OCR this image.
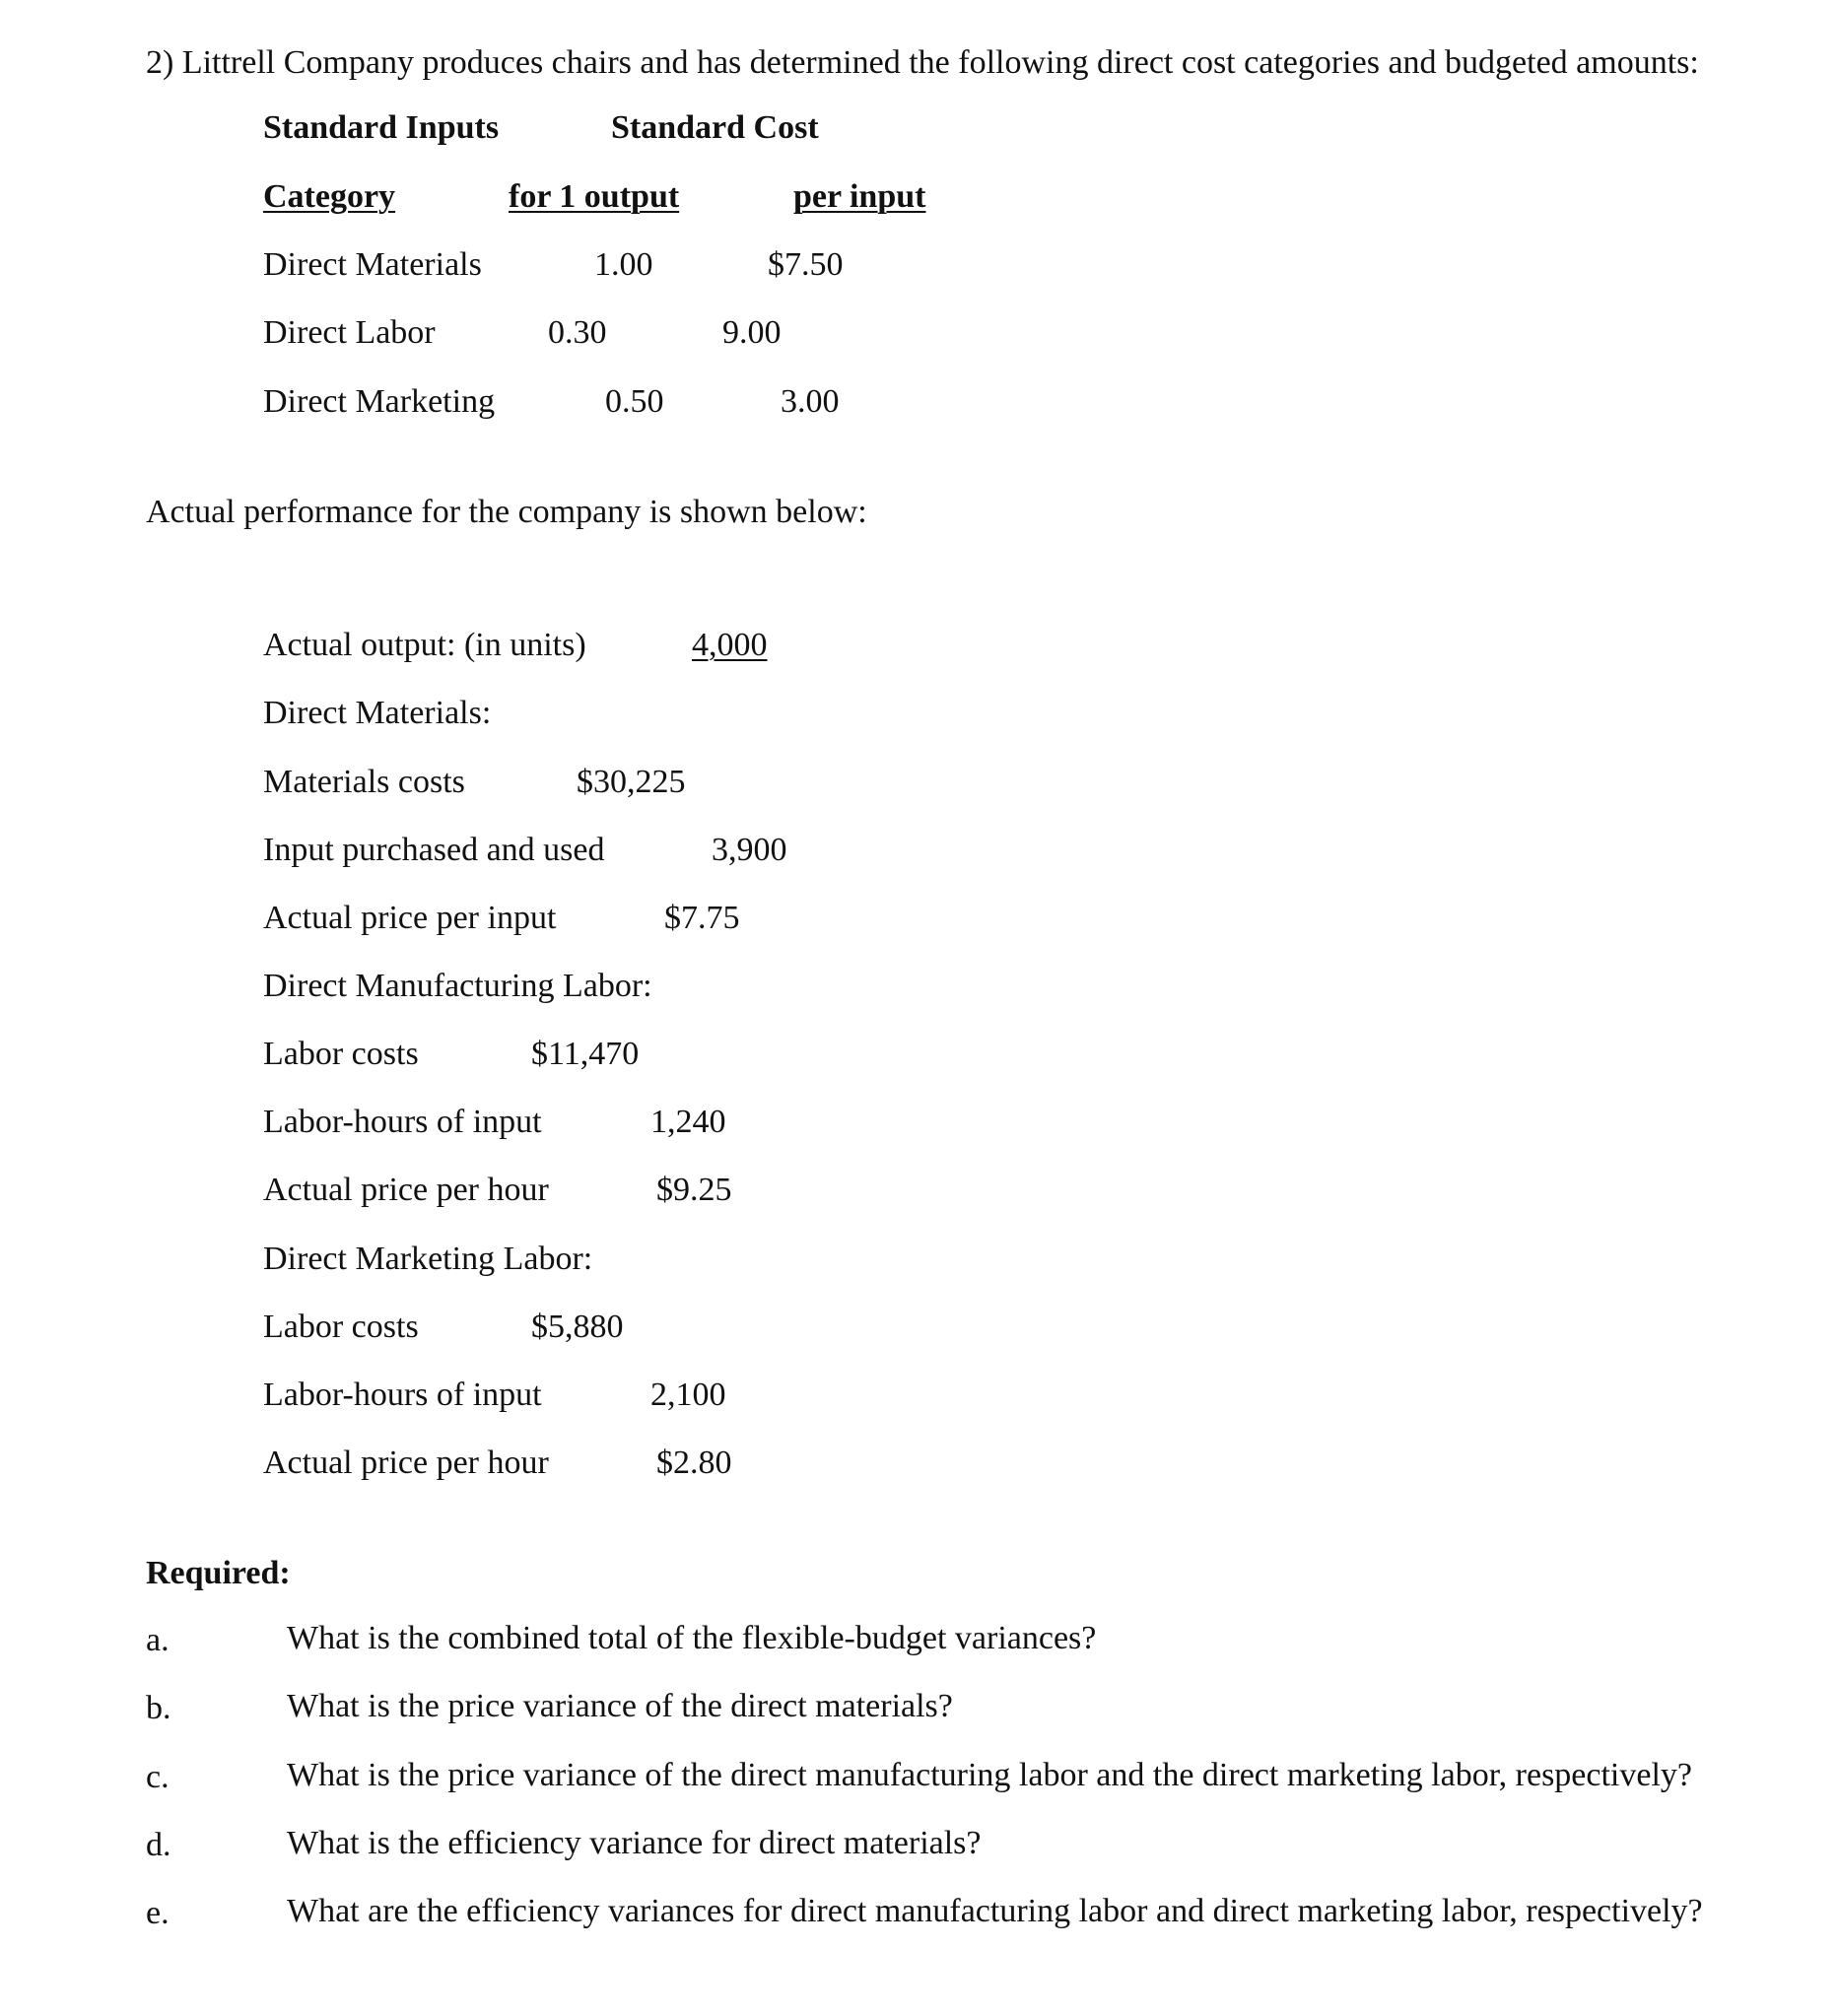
2) Littrell Company produces chairs and has determined the following direct cost categories and budgeted amounts:
Standard Inputs	Standard Cost
Category	for 1 output	per input
Direct Materials	1.00	$7.50
Direct Labor	0.30	9.00
Direct Marketing	0.50	3.00
Actual performance for the company is shown below:
Actual output: (in units)	4,000
Direct Materials:
Materials costs	$30,225
Input purchased and used	3,900
Actual price per input	$7.75
Direct Manufacturing Labor:
Labor costs	$11,470
Labor-hours of input	1,240
Actual price per hour	$9.25
Direct Marketing Labor:
Labor costs	$5,880
Labor-hours of input	2,100
Actual price per hour	$2.80
Required:
a.	What is the combined total of the flexible-budget variances?
b.	What is the price variance of the direct materials?
c.	What is the price variance of the direct manufacturing labor and the direct marketing labor, respectively?
d.	What is the efficiency variance for direct materials?
e.	What are the efficiency variances for direct manufacturing labor and direct marketing labor, respectively?
